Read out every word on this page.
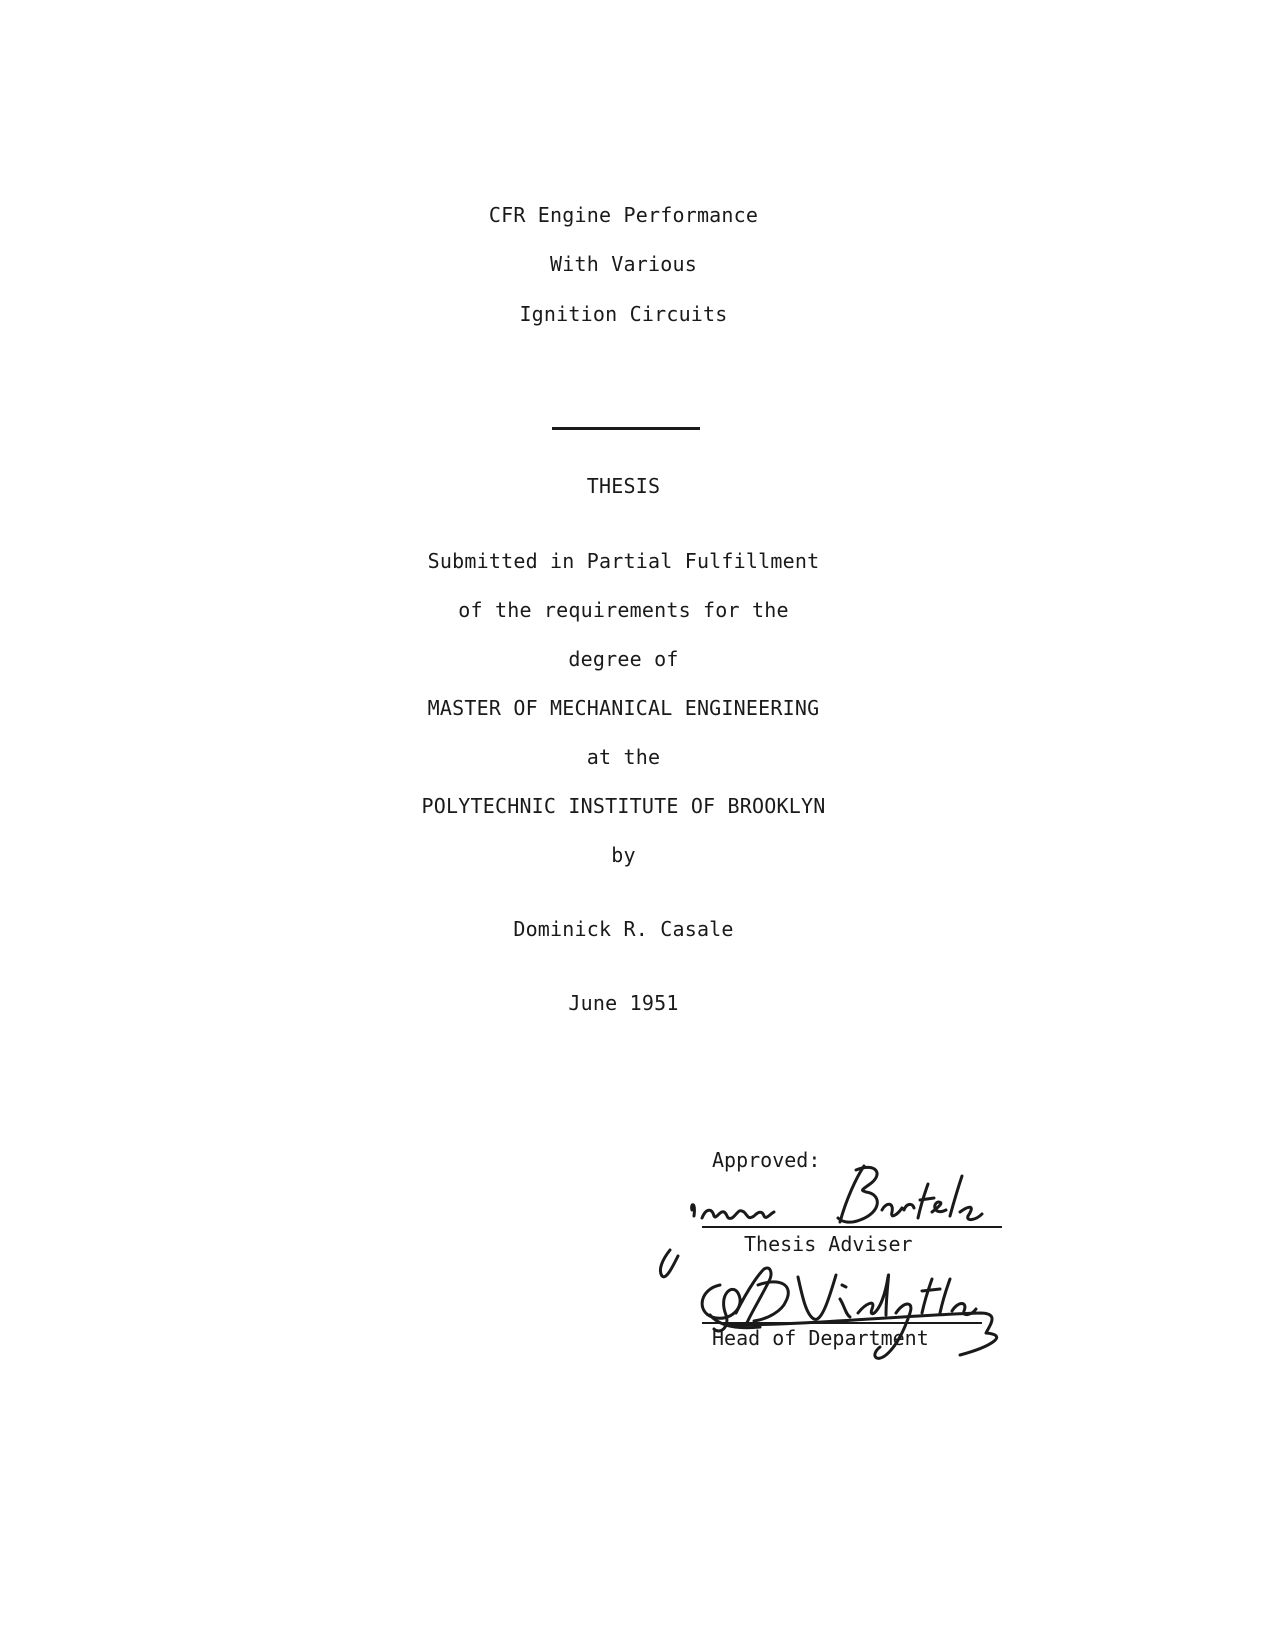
CFR Engine Performance
With Various
Ignition Circuits
THESIS
Submitted in Partial Fulfillment
of the requirements for the
degree of
MASTER OF MECHANICAL ENGINEERING
at the
POLYTECHNIC INSTITUTE OF BROOKLYN
by
Dominick R. Casale
June 1951
Approved:
Thesis Adviser
Head of Department
